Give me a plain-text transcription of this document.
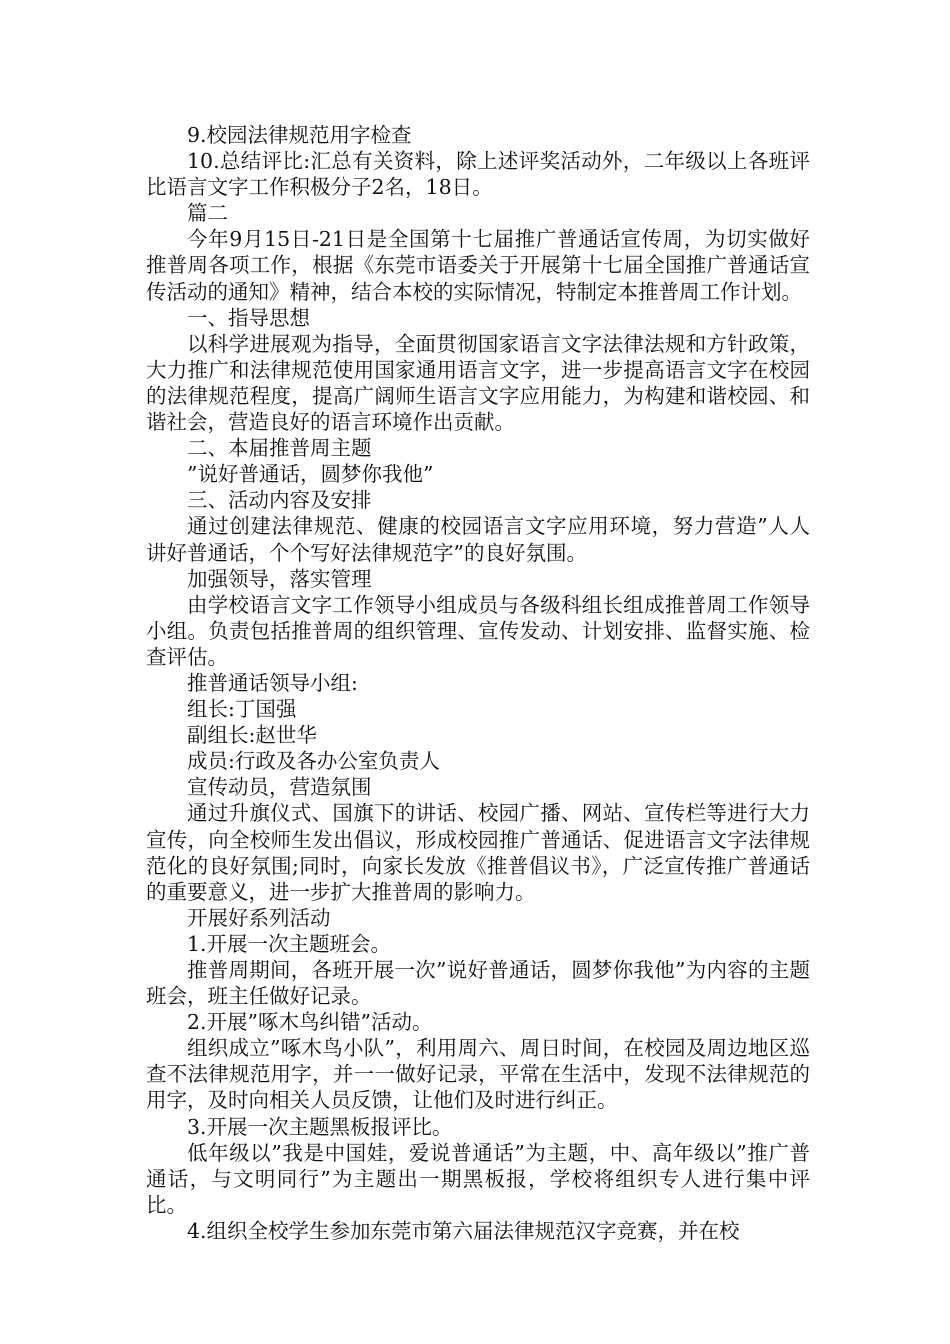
9.校园法律规范用字检查

10.总结评比:汇总有关资料，除上述评奖活动外，二年级以上各班评比语言文字工作积极分子2名，18日。

篇二

今年9月15日-21日是全国第十七届推广普通话宣传周，为切实做好推普周各项工作，根据《东莞市语委关于开展第十七届全国推广普通话宣传活动的通知》精神，结合本校的实际情况，特制定本推普周工作计划。

一、指导思想

以科学进展观为指导，全面贯彻国家语言文字法律法规和方针政策，大力推广和法律规范使用国家通用语言文字，进一步提高语言文字在校园的法律规范程度，提高广阔师生语言文字应用能力，为构建和谐校园、和谐社会，营造良好的语言环境作出贡献。

二、本届推普周主题

”说好普通话，圆梦你我他”

三、活动内容及安排

通过创建法律规范、健康的校园语言文字应用环境，努力营造”人人讲好普通话，个个写好法律规范字”的良好氛围。

加强领导，落实管理

由学校语言文字工作领导小组成员与各级科组长组成推普周工作领导小组。负责包括推普周的组织管理、宣传发动、计划安排、监督实施、检查评估。

推普通话领导小组:

组长:丁国强

副组长:赵世华

成员:行政及各办公室负责人

宣传动员，营造氛围

通过升旗仪式、国旗下的讲话、校园广播、网站、宣传栏等进行大力宣传，向全校师生发出倡议，形成校园推广普通话、促进语言文字法律规范化的良好氛围;同时，向家长发放《推普倡议书》，广泛宣传推广普通话的重要意义，进一步扩大推普周的影响力。

开展好系列活动

1.开展一次主题班会。

推普周期间，各班开展一次”说好普通话，圆梦你我他”为内容的主题班会，班主任做好记录。

2.开展”啄木鸟纠错”活动。

组织成立”啄木鸟小队”，利用周六、周日时间，在校园及周边地区巡查不法律规范用字，并一一做好记录，平常在生活中，发现不法律规范的用字，及时向相关人员反馈，让他们及时进行纠正。

3.开展一次主题黑板报评比。

低年级以”我是中国娃，爱说普通话”为主题，中、高年级以”推广普通话，与文明同行”为主题出一期黑板报，学校将组织专人进行集中评比。

4.组织全校学生参加东莞市第六届法律规范汉字竞赛，并在校
